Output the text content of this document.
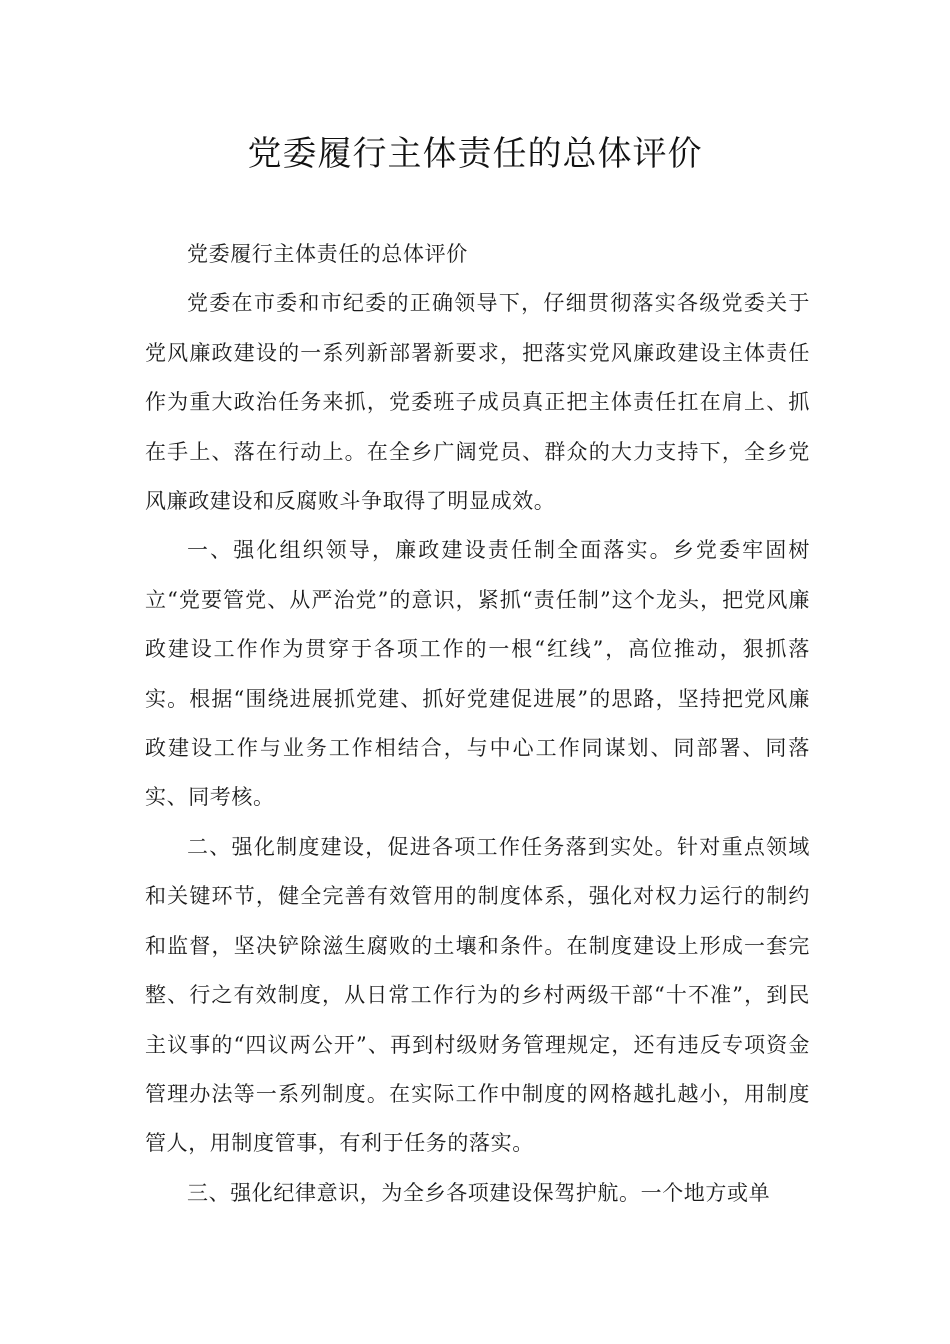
党委履行主体责任的总体评价

党委履行主体责任的总体评价

党委在市委和市纪委的正确领导下，仔细贯彻落实各级党委关于党风廉政建设的一系列新部署新要求，把落实党风廉政建设主体责任作为重大政治任务来抓，党委班子成员真正把主体责任扛在肩上、抓在手上、落在行动上。在全乡广阔党员、群众的大力支持下，全乡党风廉政建设和反腐败斗争取得了明显成效。

一、强化组织领导，廉政建设责任制全面落实。乡党委牢固树立“党要管党、从严治党”的意识，紧抓“责任制”这个龙头，把党风廉政建设工作作为贯穿于各项工作的一根“红线”，高位推动，狠抓落实。根据“围绕进展抓党建、抓好党建促进展”的思路，坚持把党风廉政建设工作与业务工作相结合，与中心工作同谋划、同部署、同落实、同考核。

二、强化制度建设，促进各项工作任务落到实处。针对重点领域和关键环节，健全完善有效管用的制度体系，强化对权力运行的制约和监督，坚决铲除滋生腐败的土壤和条件。在制度建设上形成一套完整、行之有效制度，从日常工作行为的乡村两级干部“十不准”，到民主议事的“四议两公开”、再到村级财务管理规定，还有违反专项资金管理办法等一系列制度。在实际工作中制度的网格越扎越小，用制度管人，用制度管事，有利于任务的落实。

三、强化纪律意识，为全乡各项建设保驾护航。一个地方或单
